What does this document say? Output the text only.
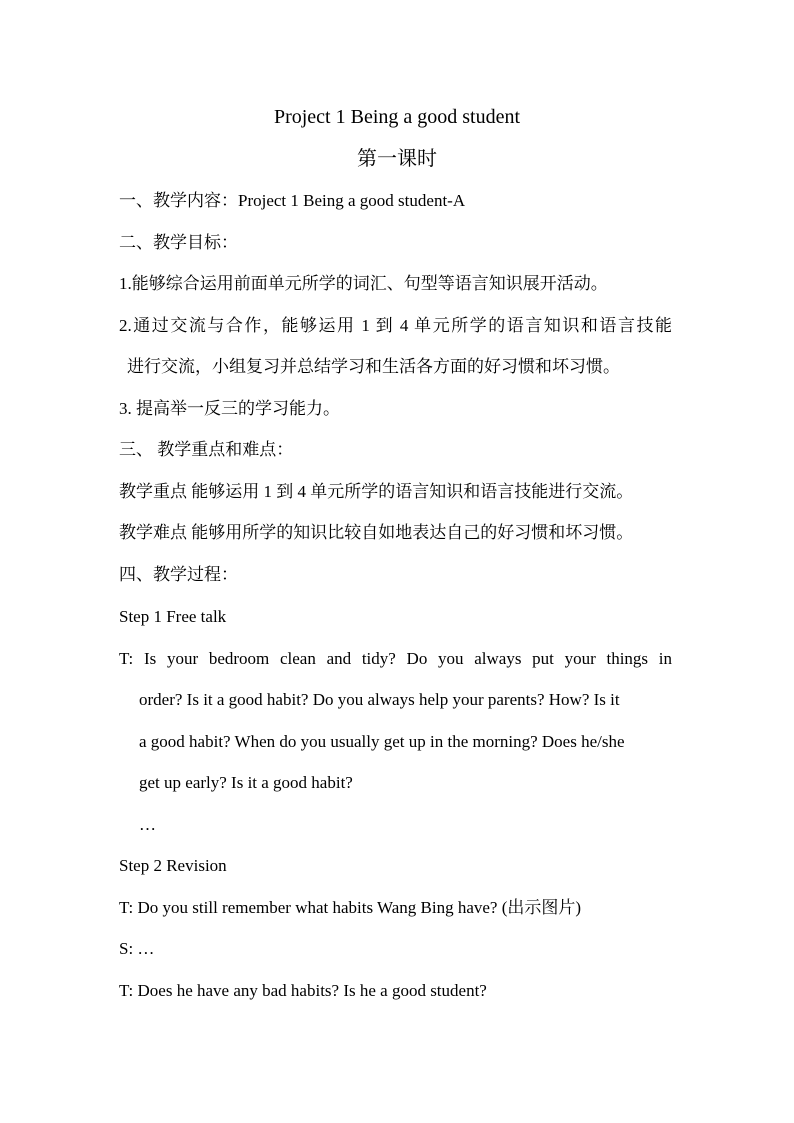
Project 1 Being a good student
第一课时
一、教学内容：Project 1 Being a good student-A
二、教学目标：
1.能够综合运用前面单元所学的词汇、句型等语言知识展开活动。
2.通过交流与合作，能够运用 1 到 4 单元所学的语言知识和语言技能
进行交流，小组复习并总结学习和生活各方面的好习惯和坏习惯。
3. 提高举一反三的学习能力。
三、 教学重点和难点：
教学重点 能够运用 1 到 4 单元所学的语言知识和语言技能进行交流。
教学难点 能够用所学的知识比较自如地表达自己的好习惯和坏习惯。
四、教学过程：
Step 1 Free talk
T: Is your bedroom clean and tidy? Do you always put your things in
order? Is it a good habit? Do you always help your parents? How? Is it
a good habit? When do you usually get up in the morning? Does he/she
get up early? Is it a good habit?
…
Step 2 Revision
T: Do you still remember what habits Wang Bing have? (出示图片)
S: …
T: Does he have any bad habits? Is he a good student?
